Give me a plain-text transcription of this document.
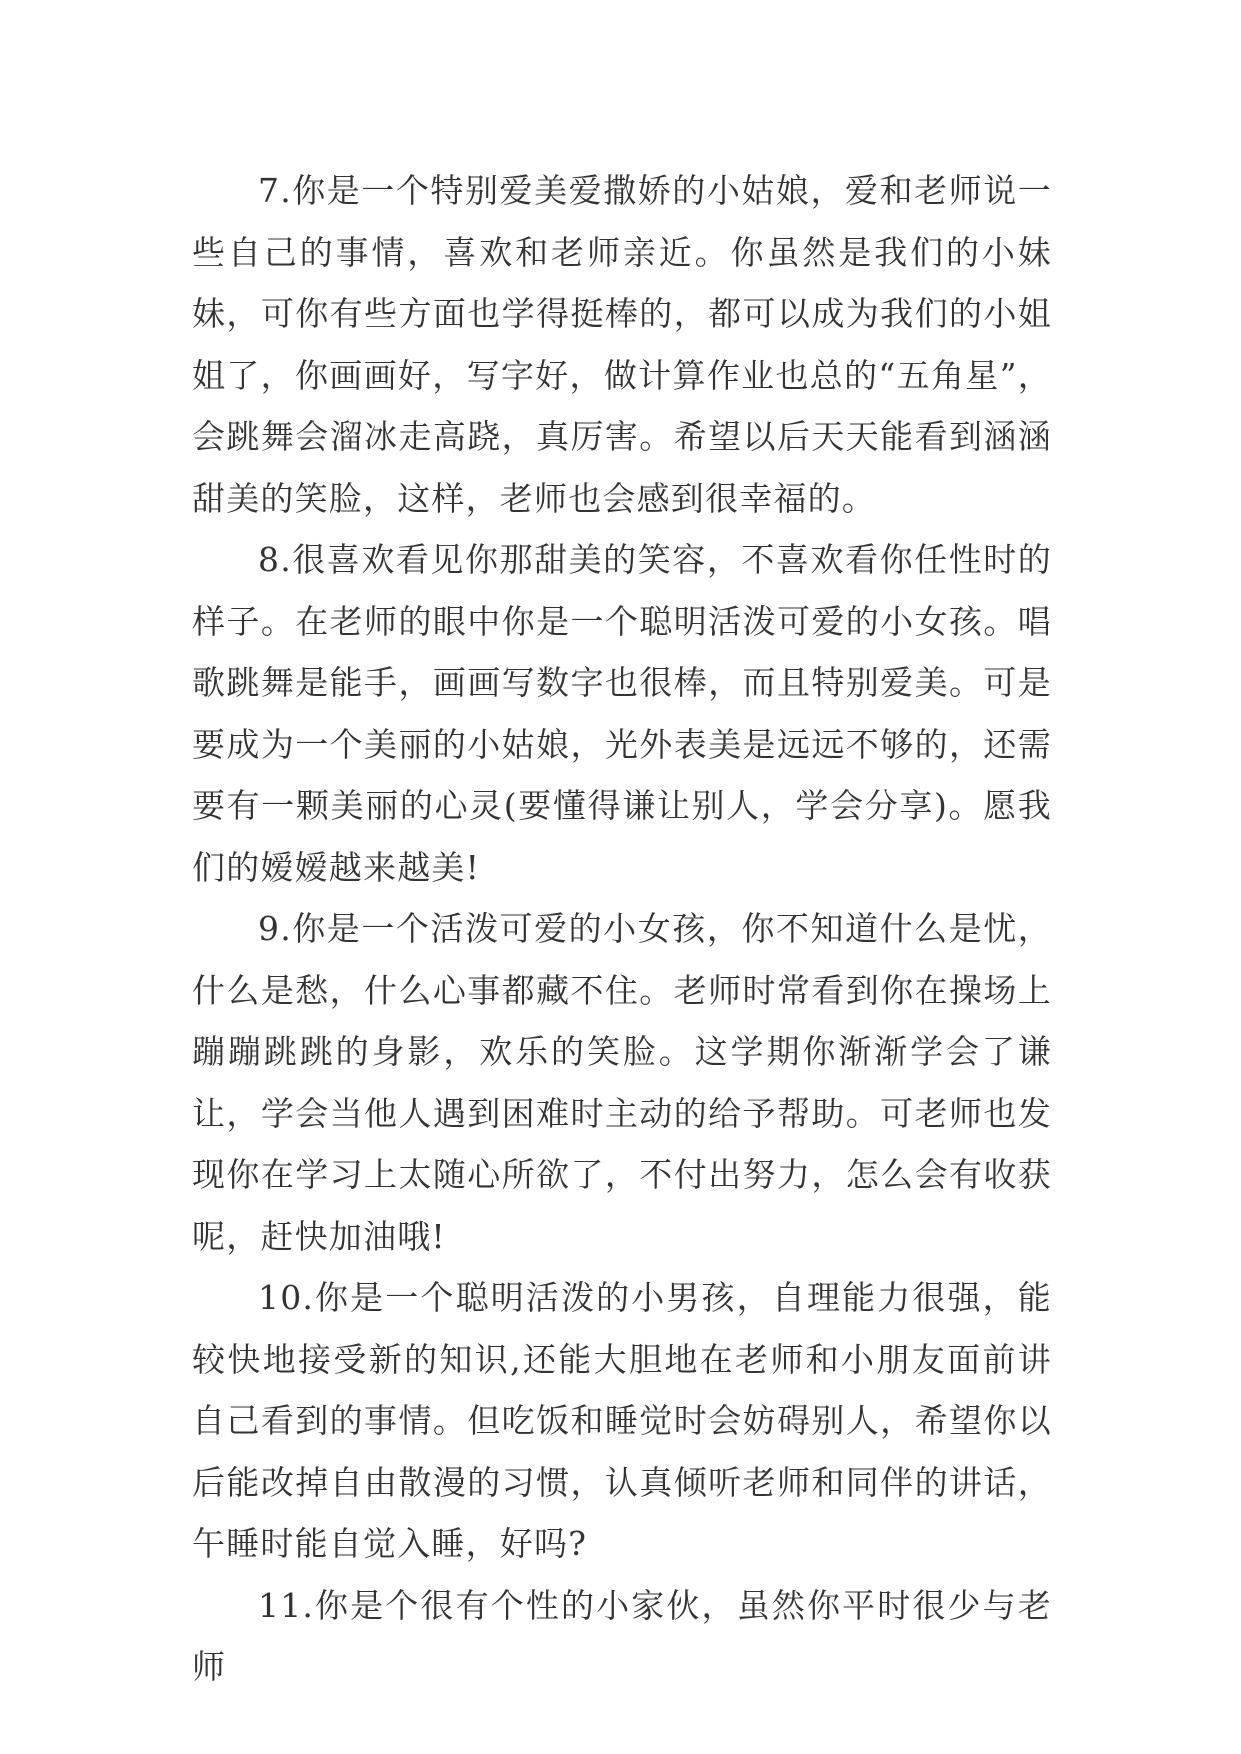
7.你是一个特别爱美爱撒娇的小姑娘，爱和老师说一些自己的事情，喜欢和老师亲近。你虽然是我们的小妹妹，可你有些方面也学得挺棒的，都可以成为我们的小姐姐了，你画画好，写字好，做计算作业也总的“五角星”，会跳舞会溜冰走高跷，真厉害。希望以后天天能看到涵涵甜美的笑脸，这样，老师也会感到很幸福的。

8.很喜欢看见你那甜美的笑容，不喜欢看你任性时的样子。在老师的眼中你是一个聪明活泼可爱的小女孩。唱歌跳舞是能手，画画写数字也很棒，而且特别爱美。可是要成为一个美丽的小姑娘，光外表美是远远不够的，还需要有一颗美丽的心灵(要懂得谦让别人，学会分享)。愿我们的嫒嫒越来越美!

9.你是一个活泼可爱的小女孩，你不知道什么是忧，什么是愁，什么心事都藏不住。老师时常看到你在操场上蹦蹦跳跳的身影，欢乐的笑脸。这学期你渐渐学会了谦让，学会当他人遇到困难时主动的给予帮助。可老师也发现你在学习上太随心所欲了，不付出努力，怎么会有收获呢，赶快加油哦!

10.你是一个聪明活泼的小男孩，自理能力很强，能较快地接受新的知识,还能大胆地在老师和小朋友面前讲自己看到的事情。但吃饭和睡觉时会妨碍别人，希望你以后能改掉自由散漫的习惯，认真倾听老师和同伴的讲话，午睡时能自觉入睡，好吗?

11.你是个很有个性的小家伙，虽然你平时很少与老师
